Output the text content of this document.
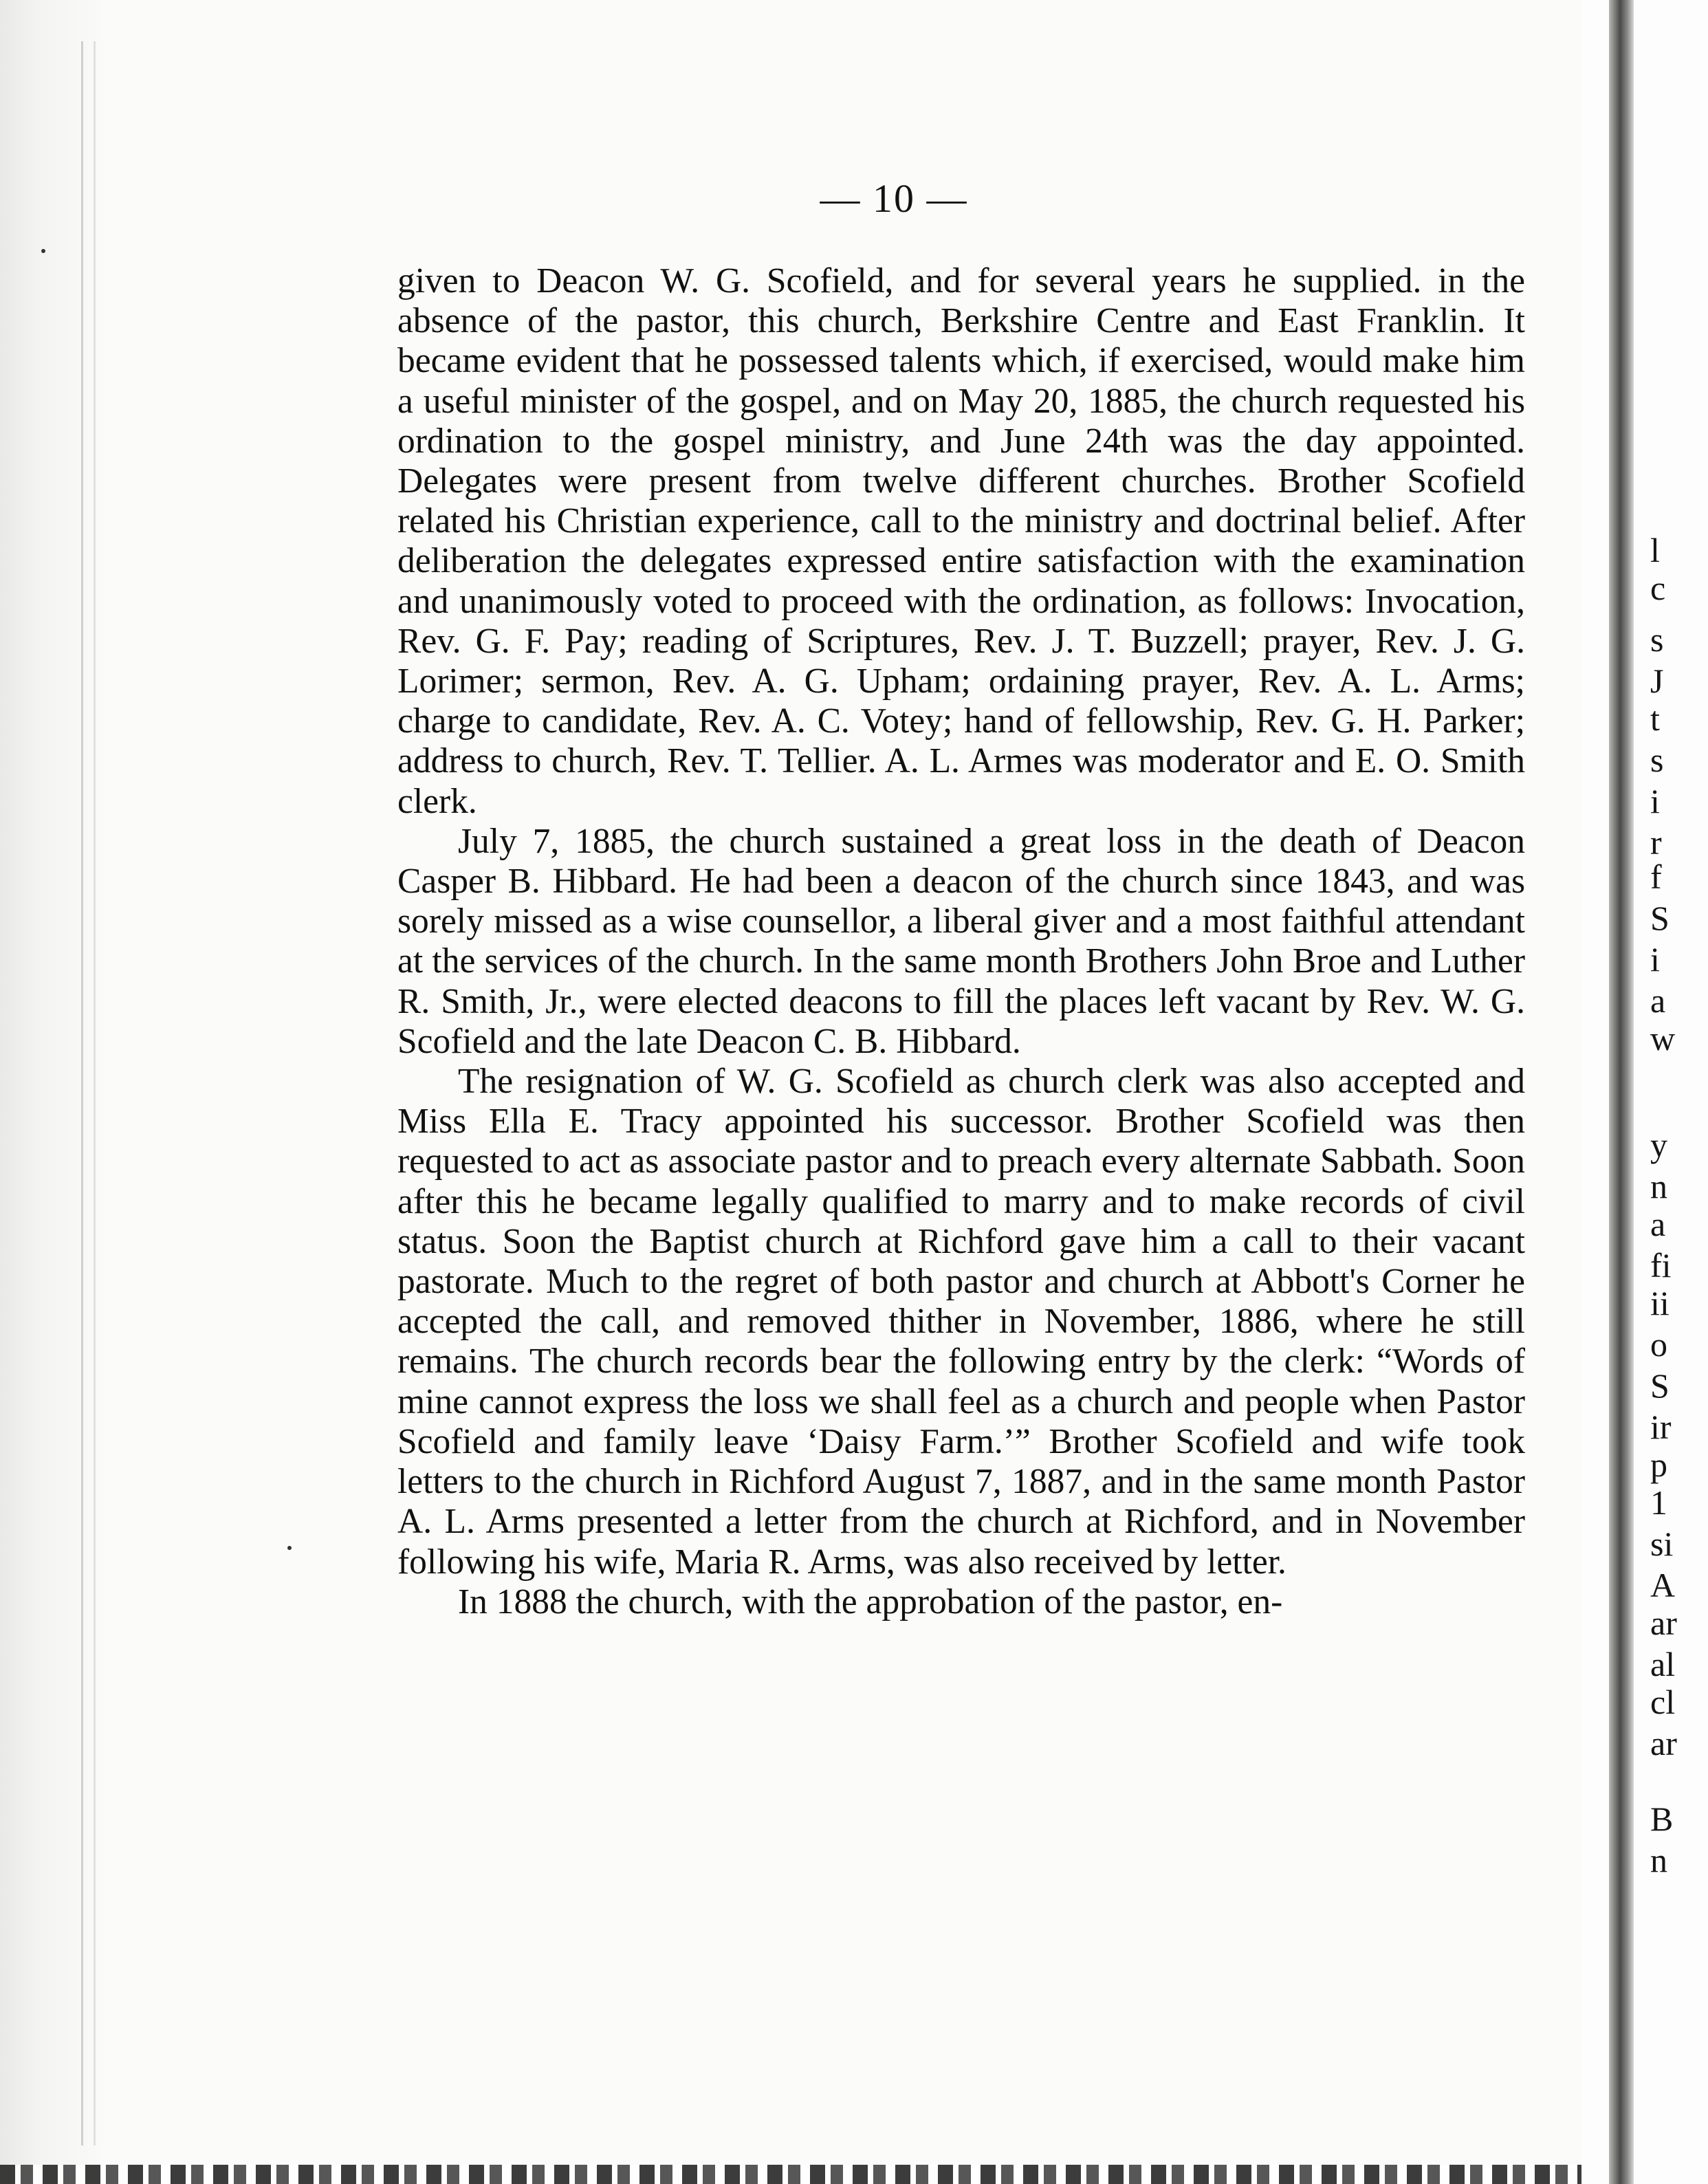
— 10 —

given to Deacon W. G. Scofield, and for several years he supplied. in the absence of the pastor, this church, Berkshire Centre and East Franklin. It became evident that he possessed talents which, if exercised, would make him a useful minister of the gospel, and on May 20, 1885, the church requested his ordination to the gospel ministry, and June 24th was the day appointed. Delegates were present from twelve different churches. Brother Scofield related his Christian experience, call to the ministry and doctrinal belief. After deliberation the delegates expressed entire satisfaction with the examination and unanimously voted to proceed with the ordination, as follows: Invocation, Rev. G. F. Pay; reading of Scriptures, Rev. J. T. Buzzell; prayer, Rev. J. G. Lorimer; sermon, Rev. A. G. Upham; ordaining prayer, Rev. A. L. Arms; charge to candidate, Rev. A. C. Votey; hand of fellowship, Rev. G. H. Parker; address to church, Rev. T. Tellier. A. L. Armes was moderator and E. O. Smith clerk.

July 7, 1885, the church sustained a great loss in the death of Deacon Casper B. Hibbard. He had been a deacon of the church since 1843, and was sorely missed as a wise counsellor, a liberal giver and a most faithful attendant at the services of the church. In the same month Brothers John Broe and Luther R. Smith, Jr., were elected deacons to fill the places left vacant by Rev. W. G. Scofield and the late Deacon C. B. Hibbard.

The resignation of W. G. Scofield as church clerk was also accepted and Miss Ella E. Tracy appointed his successor. Brother Scofield was then requested to act as associate pastor and to preach every alternate Sabbath. Soon after this he became legally qualified to marry and to make records of civil status. Soon the Baptist church at Richford gave him a call to their vacant pastorate. Much to the regret of both pastor and church at Abbott's Corner he accepted the call, and removed thither in November, 1886, where he still remains. The church records bear the following entry by the clerk: “Words of mine cannot express the loss we shall feel as a church and people when Pastor Scofield and family leave ‘Daisy Farm.’” Brother Scofield and wife took letters to the church in Richford August 7, 1887, and in the same month Pastor A. L. Arms presented a letter from the church at Richford, and in November following his wife, Maria R. Arms, was also received by letter.

In 1888 the church, with the approbation of the pastor, en-

l
c
s
J
t
s
i
r
f
S
i
a
w
y
n
a
fi
ii
o
S
ir
p
1
si
A
ar
al
cl
ar
B
n
